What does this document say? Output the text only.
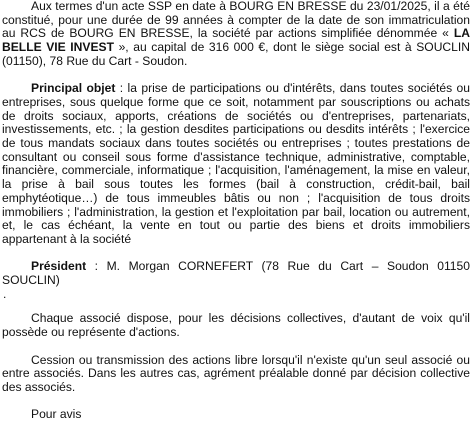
Aux termes d'un acte SSP en date à BOURG EN BRESSE du 23/01/2025, il a été constitué, pour une durée de 99 années à compter de la date de son immatriculation au RCS de BOURG EN BRESSE, la société par actions simplifiée dénommée « LA BELLE VIE INVEST », au capital de 316 000 €, dont le siège social est à SOUCLIN (01150), 78 Rue du Cart - Soudon.

Principal objet : la prise de participations ou d'intérêts, dans toutes sociétés ou entreprises, sous quelque forme que ce soit, notamment par souscriptions ou achats de droits sociaux, apports, créations de sociétés ou d'entreprises, partenariats, investissements, etc. ; la gestion desdites participations ou desdits intérêts ; l'exercice de tous mandats sociaux dans toutes sociétés ou entreprises ; toutes prestations de consultant ou conseil sous forme d'assistance technique, administrative, comptable, financière, commerciale, informatique ; l'acquisition, l'aménagement, la mise en valeur, la prise à bail sous toutes les formes (bail à construction, crédit-bail, bail emphytéotique…) de tous immeubles bâtis ou non ; l'acquisition de tous droits immobiliers ; l'administration, la gestion et l'exploitation par bail, location ou autrement, et, le cas échéant, la vente en tout ou partie des biens et droits immobiliers appartenant à la société

Président : M. Morgan CORNEFERT (78 Rue du Cart – Soudon 01150 SOUCLIN)

.

Chaque associé dispose, pour les décisions collectives, d'autant de voix qu'il possède ou représente d'actions.

Cession ou transmission des actions libre lorsqu'il n'existe qu'un seul associé ou entre associés. Dans les autres cas, agrément préalable donné par décision collective des associés.

Pour avis
